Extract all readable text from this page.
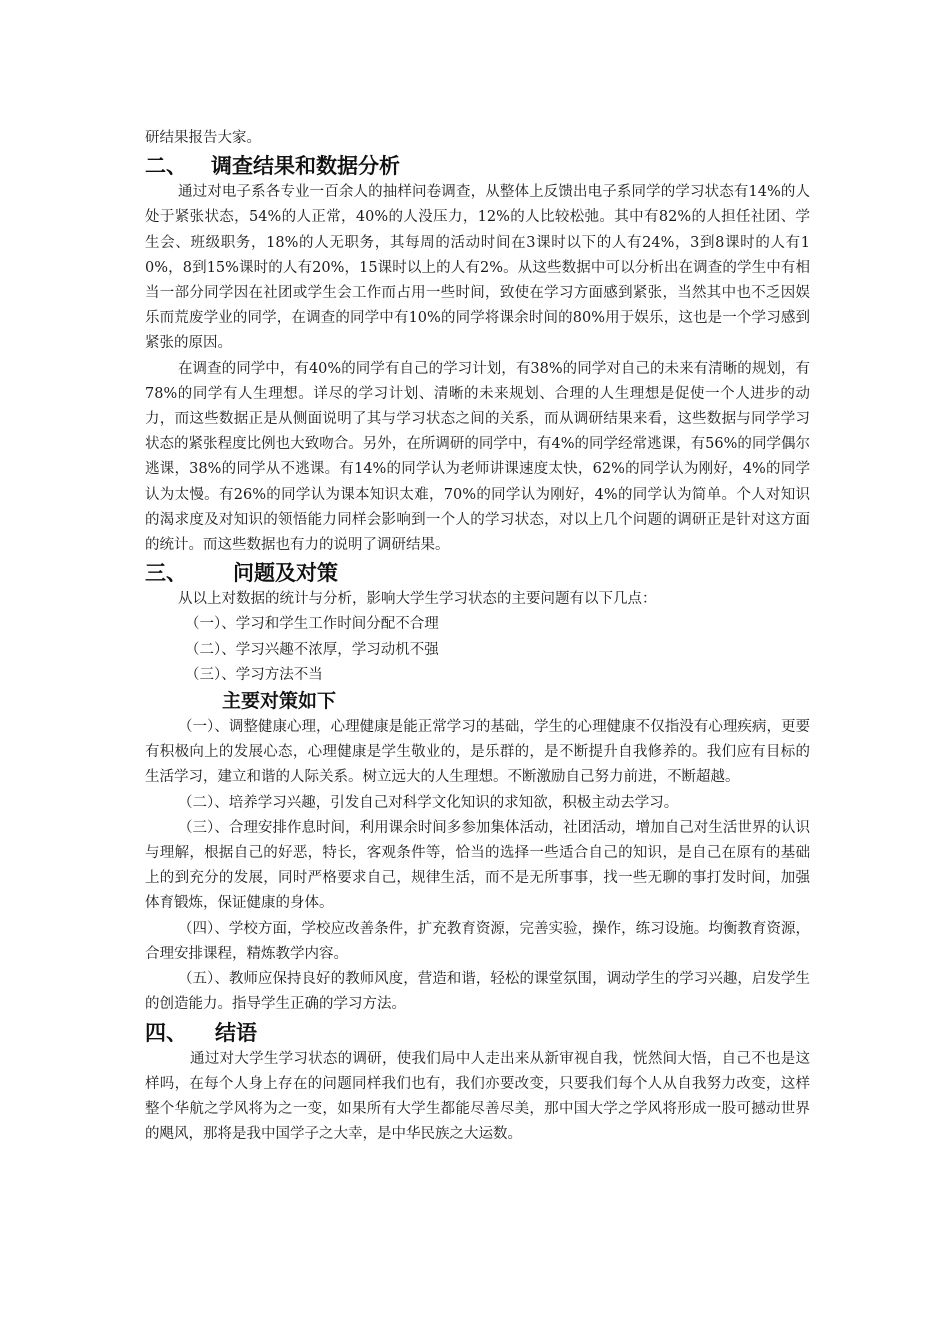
研结果报告大家。

二、 调查结果和数据分析

通过对电子系各专业一百余人的抽样问卷调查，从整体上反馈出电子系同学的学习状态有14%的人处于紧张状态，54%的人正常，40%的人没压力，12%的人比较松弛。其中有82%的人担任社团、学生会、班级职务，18%的人无职务，其每周的活动时间在3课时以下的人有24%，3到8课时的人有10%，8到15%课时的人有20%，15课时以上的人有2%。从这些数据中可以分析出在调查的学生中有相当一部分同学因在社团或学生会工作而占用一些时间，致使在学习方面感到紧张，当然其中也不乏因娱乐而荒废学业的同学，在调查的同学中有10%的同学将课余时间的80%用于娱乐，这也是一个学习感到紧张的原因。

在调查的同学中，有40%的同学有自己的学习计划，有38%的同学对自己的未来有清晰的规划，有78%的同学有人生理想。详尽的学习计划、清晰的未来规划、合理的人生理想是促使一个人进步的动力，而这些数据正是从侧面说明了其与学习状态之间的关系，而从调研结果来看，这些数据与同学学习状态的紧张程度比例也大致吻合。另外，在所调研的同学中，有4%的同学经常逃课，有56%的同学偶尔逃课，38%的同学从不逃课。有14%的同学认为老师讲课速度太快，62%的同学认为刚好，4%的同学认为太慢。有26%的同学认为课本知识太难，70%的同学认为刚好，4%的同学认为简单。个人对知识的渴求度及对知识的领悟能力同样会影响到一个人的学习状态，对以上几个问题的调研正是针对这方面的统计。而这些数据也有力的说明了调研结果。

三、 问题及对策

从以上对数据的统计与分析，影响大学生学习状态的主要问题有以下几点：

（一）、学习和学生工作时间分配不合理

（二）、学习兴趣不浓厚，学习动机不强

（三）、学习方法不当

主要对策如下

（一）、调整健康心理，心理健康是能正常学习的基础，学生的心理健康不仅指没有心理疾病，更要有积极向上的发展心态，心理健康是学生敬业的，是乐群的，是不断提升自我修养的。我们应有目标的生活学习，建立和谐的人际关系。树立远大的人生理想。不断激励自己努力前进，不断超越。

（二）、培养学习兴趣，引发自己对科学文化知识的求知欲，积极主动去学习。

（三）、合理安排作息时间，利用课余时间多参加集体活动，社团活动，增加自己对生活世界的认识与理解，根据自己的好恶，特长，客观条件等，恰当的选择一些适合自己的知识，是自己在原有的基础上的到充分的发展，同时严格要求自己，规律生活，而不是无所事事，找一些无聊的事打发时间，加强体育锻炼，保证健康的身体。

（四）、学校方面，学校应改善条件，扩充教育资源，完善实验，操作，练习设施。均衡教育资源，合理安排课程，精炼教学内容。

（五）、教师应保持良好的教师风度，营造和谐，轻松的课堂氛围，调动学生的学习兴趣，启发学生的创造能力。指导学生正确的学习方法。

四、 结语

通过对大学生学习状态的调研，使我们局中人走出来从新审视自我，恍然间大悟，自己不也是这样吗，在每个人身上存在的问题同样我们也有，我们亦要改变，只要我们每个人从自我努力改变，这样整个华航之学风将为之一变，如果所有大学生都能尽善尽美，那中国大学之学风将形成一股可撼动世界的飓风，那将是我中国学子之大幸，是中华民族之大运数。
